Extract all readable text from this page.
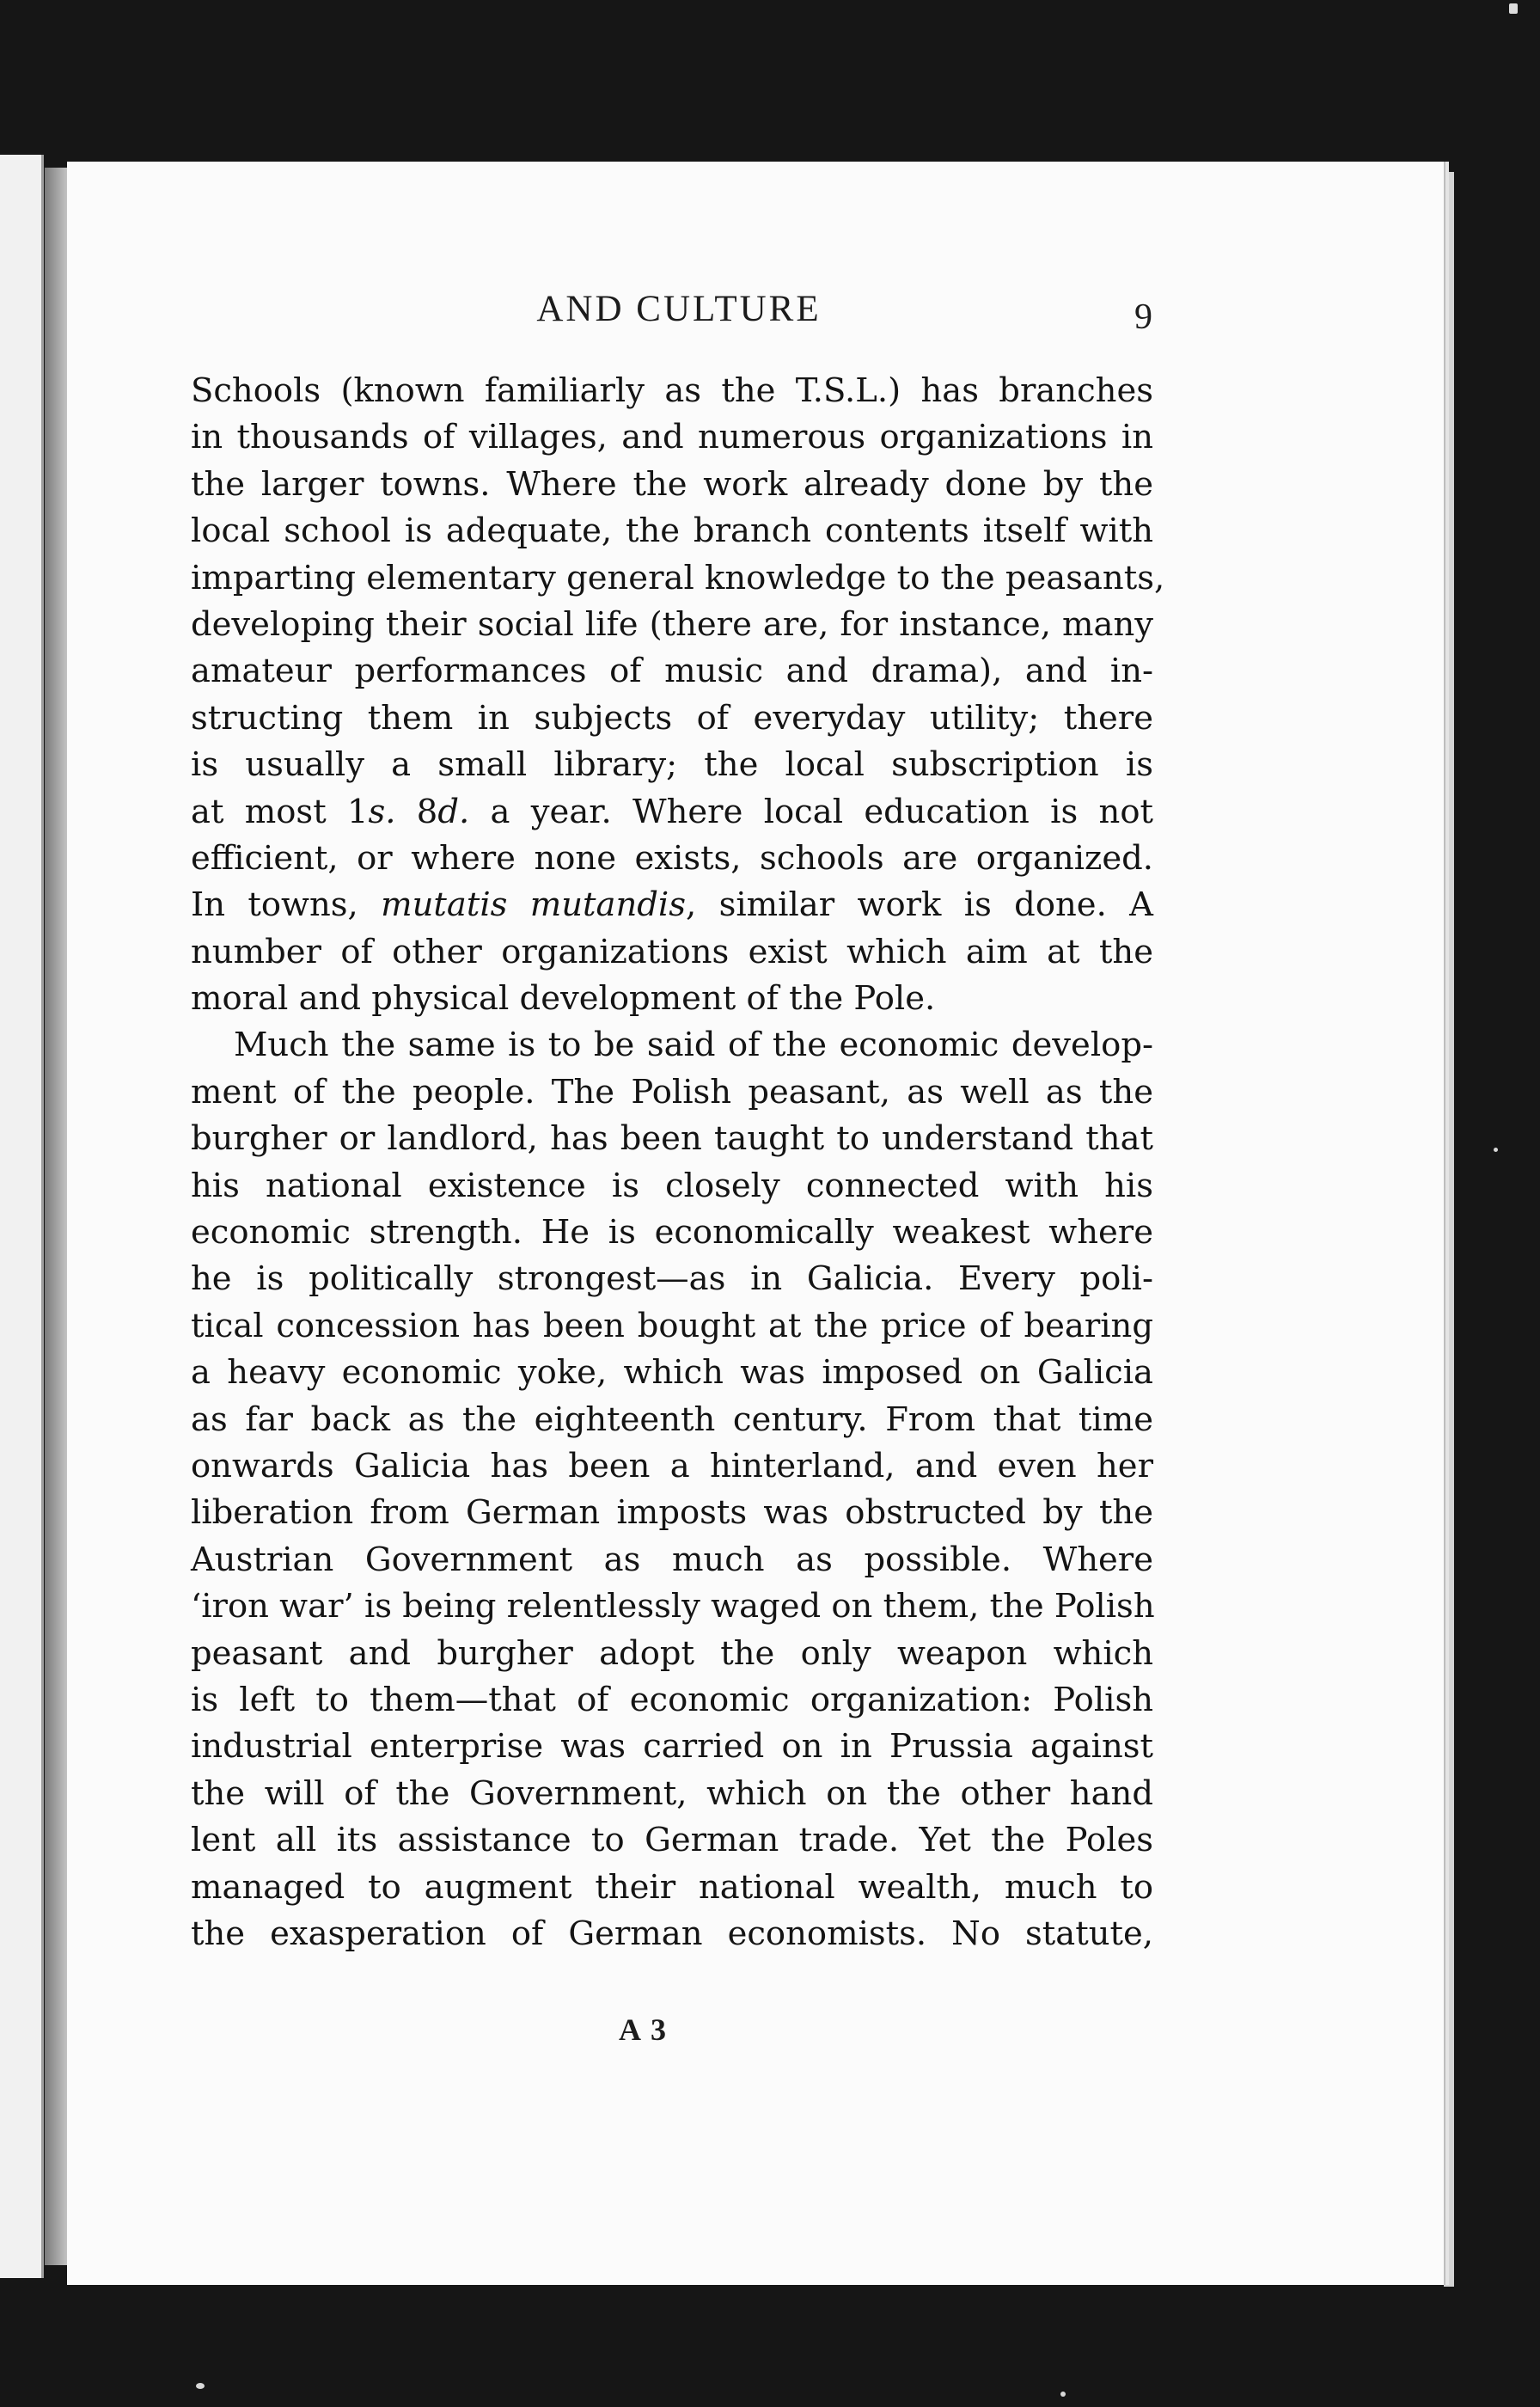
AND CULTURE	9
Schools (known familiarly as the T.S.L.) has branches
in thousands of villages, and numerous organizations in
the larger towns. Where the work already done by the
local school is adequate, the branch contents itself with
imparting elementary general knowledge to the peasants,
developing their social life (there are, for instance, many
amateur performances of music and drama), and in-
structing them in subjects of everyday utility; there
is usually a small library; the local subscription is
at most 1s. 8d. a year. Where local education is not
efficient, or where none exists, schools are organized.
In towns, mutatis mutandis, similar work is done. A
number of other organizations exist which aim at the
moral and physical development of the Pole.
Much the same is to be said of the economic develop-
ment of the people. The Polish peasant, as well as the
burgher or landlord, has been taught to understand that
his national existence is closely connected with his
economic strength. He is economically weakest where
he is politically strongest—as in Galicia. Every poli-
tical concession has been bought at the price of bearing
a heavy economic yoke, which was imposed on Galicia
as far back as the eighteenth century. From that time
onwards Galicia has been a hinterland, and even her
liberation from German imposts was obstructed by the
Austrian Government as much as possible. Where
‘iron war’ is being relentlessly waged on them, the Polish
peasant and burgher adopt the only weapon which
is left to them—that of economic organization: Polish
industrial enterprise was carried on in Prussia against
the will of the Government, which on the other hand
lent all its assistance to German trade. Yet the Poles
managed to augment their national wealth, much to
the exasperation of German economists. No statute,
A 3
